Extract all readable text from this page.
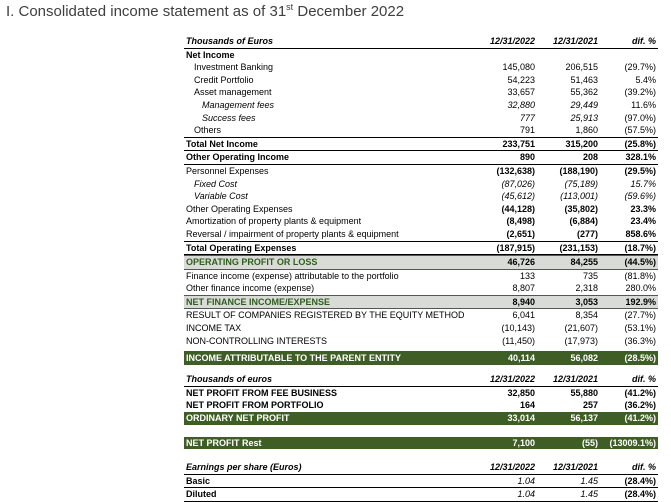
I. Consolidated income statement as of 31st December 2022
Thousands of Euros	12/31/2022 12/31/2021	dif. %
Net Income
Investment Banking	145,080	206,515	(29.7%)
Credit Portfolio	54,223	51,463	5.4%
Asset management	33,657	55,362	(39.2%)
Management fees	32,880	29,449	11.6%
Success fees	777	25,913	(97.0%)
Others	791	1,860	(57.5%)
Total Net Income	233,751	315,200	(25.8%)
Other Operating Income	890	208	328.1%
Personnel Expenses	(132,638)	(188,190)	(29.5%)
Fixed Cost	(87,026)	(75,189)	15.7%
Variable Cost	(45,612)	(113,001)	(59.6%)
Other Operating Expenses	(44,128)	(35,802)	23.3%
Amortization of property plants & equipment	(8,498)	(6,884)	23.4%
Reversal / impairment of property plants & equipment	(2,651)	(277)	858.6%
Total Operating Expenses	(187,915)	(231,153)	(18.7%)
OPERATING PROFIT OR LOSS	46,726	84,255	(44.5%)
Finance income (expense) attributable to the portfolio	133	735	(81.8%)
Other finance income (expense)	8,807	2,318	280.0%
NET FINANCE INCOME/EXPENSE	8,940	3,053	192.9%
RESULT OF COMPANIES REGISTERED BY THE EQUITY METHOD	6,041	8,354	(27.7%)
INCOME TAX	(10,143)	(21,607)	(53.1%)
NON-CONTROLLING INTERESTS	(11,450)	(17,973)	(36.3%)
INCOME ATTRIBUTABLE TO THE PARENT ENTITY	40,114	56,082	(28.5%)
Thousands of euros	12/31/2022 12/31/2021	dif. %
NET PROFIT FROM FEE BUSINESS	32,850	55,880	(41.2%)
NET PROFIT FROM PORTFOLIO	164	257	(36.2%)
ORDINARY NET PROFIT	33,014	56,137	(41.2%)
NET PROFIT Rest	7,100	(55) (13009.1%)
Earnings per share (Euros)	12/31/2022 12/31/2021	dif. %
Basic	1.04	1.45	(28.4%)
Diluted	1.04	1.45	(28.4%)
